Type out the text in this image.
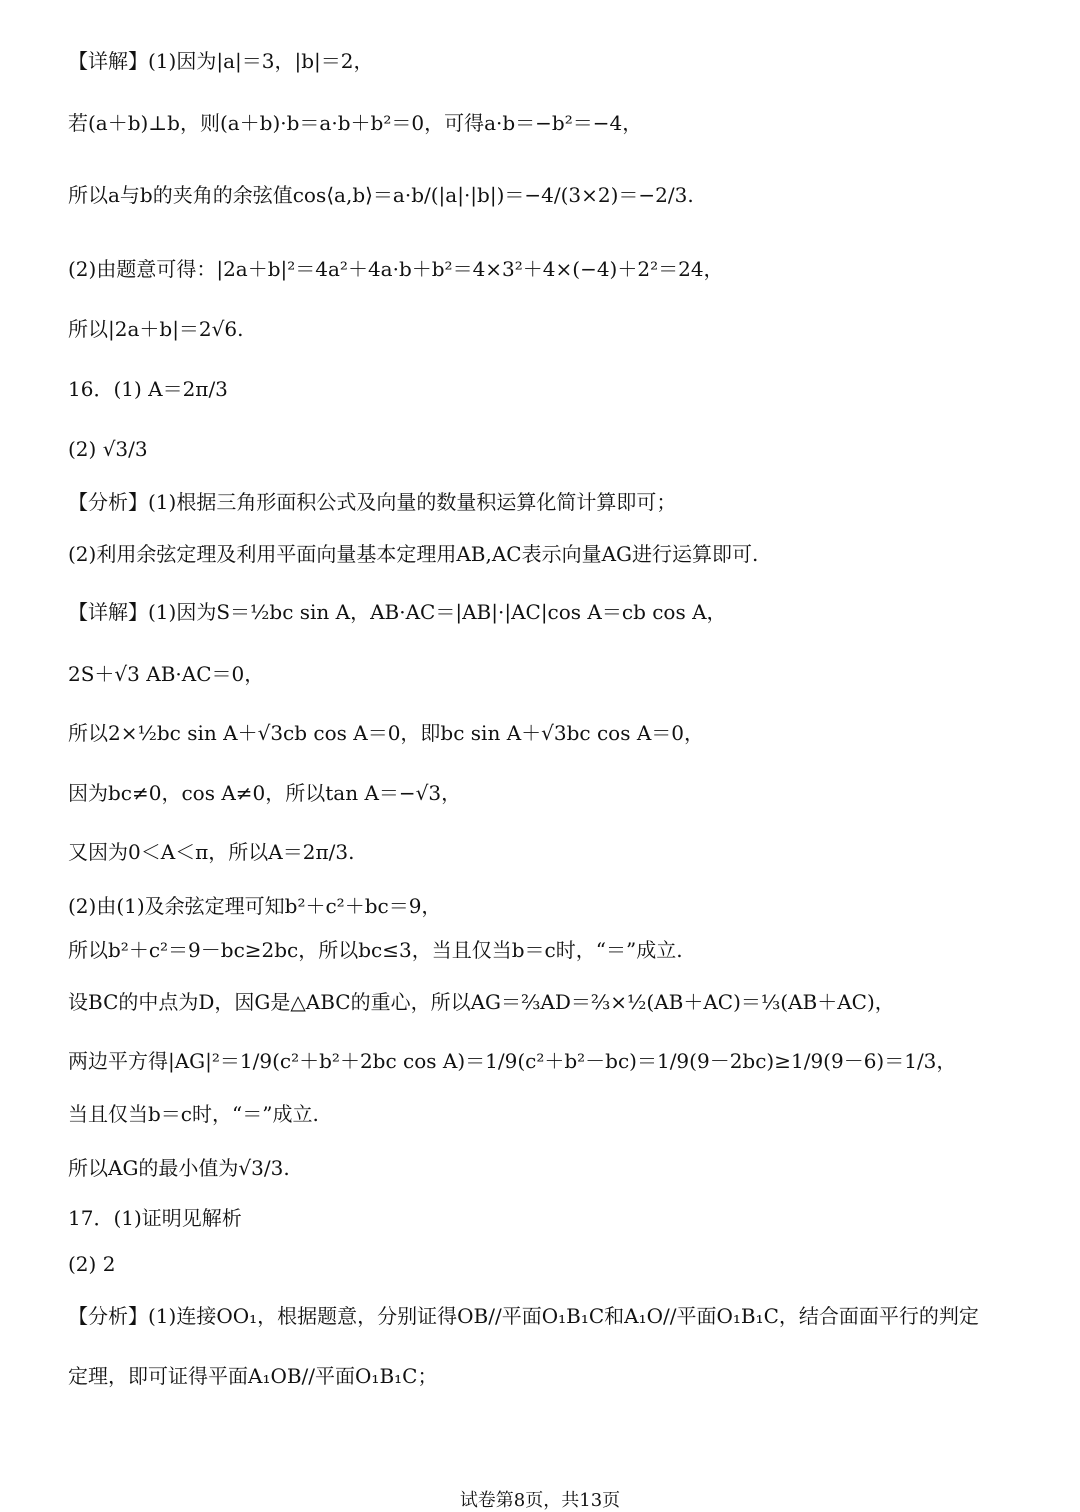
【详解】(1)因为|a|＝3，|b|＝2，
若(a＋b)⊥b，则(a＋b)·b＝a·b＋b²＝0，可得a·b＝−b²＝−4，
所以a与b的夹角的余弦值cos⟨a,b⟩＝a·b/(|a|·|b|)＝−4/(3×2)＝−2/3.
(2)由题意可得：|2a＋b|²＝4a²＋4a·b＋b²＝4×3²＋4×(−4)＋2²＝24，
所以|2a＋b|＝2√6.
16．(1) A＝2π/3
(2) √3/3
【分析】(1)根据三角形面积公式及向量的数量积运算化简计算即可；
(2)利用余弦定理及利用平面向量基本定理用AB,AC表示向量AG进行运算即可.
【详解】(1)因为S＝½bc sin A，AB·AC＝|AB|·|AC|cos A＝cb cos A，
2S＋√3 AB·AC＝0，
所以2×½bc sin A＋√3cb cos A＝0，即bc sin A＋√3bc cos A＝0，
因为bc≠0，cos A≠0，所以tan A＝−√3，
又因为0＜A＜π，所以A＝2π/3.
(2)由(1)及余弦定理可知b²＋c²＋bc＝9，
所以b²＋c²＝9－bc≥2bc，所以bc≤3，当且仅当b＝c时，“＝”成立.
设BC的中点为D，因G是△ABC的重心，所以AG＝⅔AD＝⅔×½(AB＋AC)＝⅓(AB＋AC)，
两边平方得|AG|²＝1/9(c²＋b²＋2bc cos A)＝1/9(c²＋b²－bc)＝1/9(9－2bc)≥1/9(9－6)＝1/3，
当且仅当b＝c时，“＝”成立.
所以AG的最小值为√3/3.
17．(1)证明见解析
(2) 2
【分析】(1)连接OO₁，根据题意，分别证得OB//平面O₁B₁C和A₁O//平面O₁B₁C，结合面面平行的判定
定理，即可证得平面A₁OB//平面O₁B₁C；
试卷第8页，共13页
